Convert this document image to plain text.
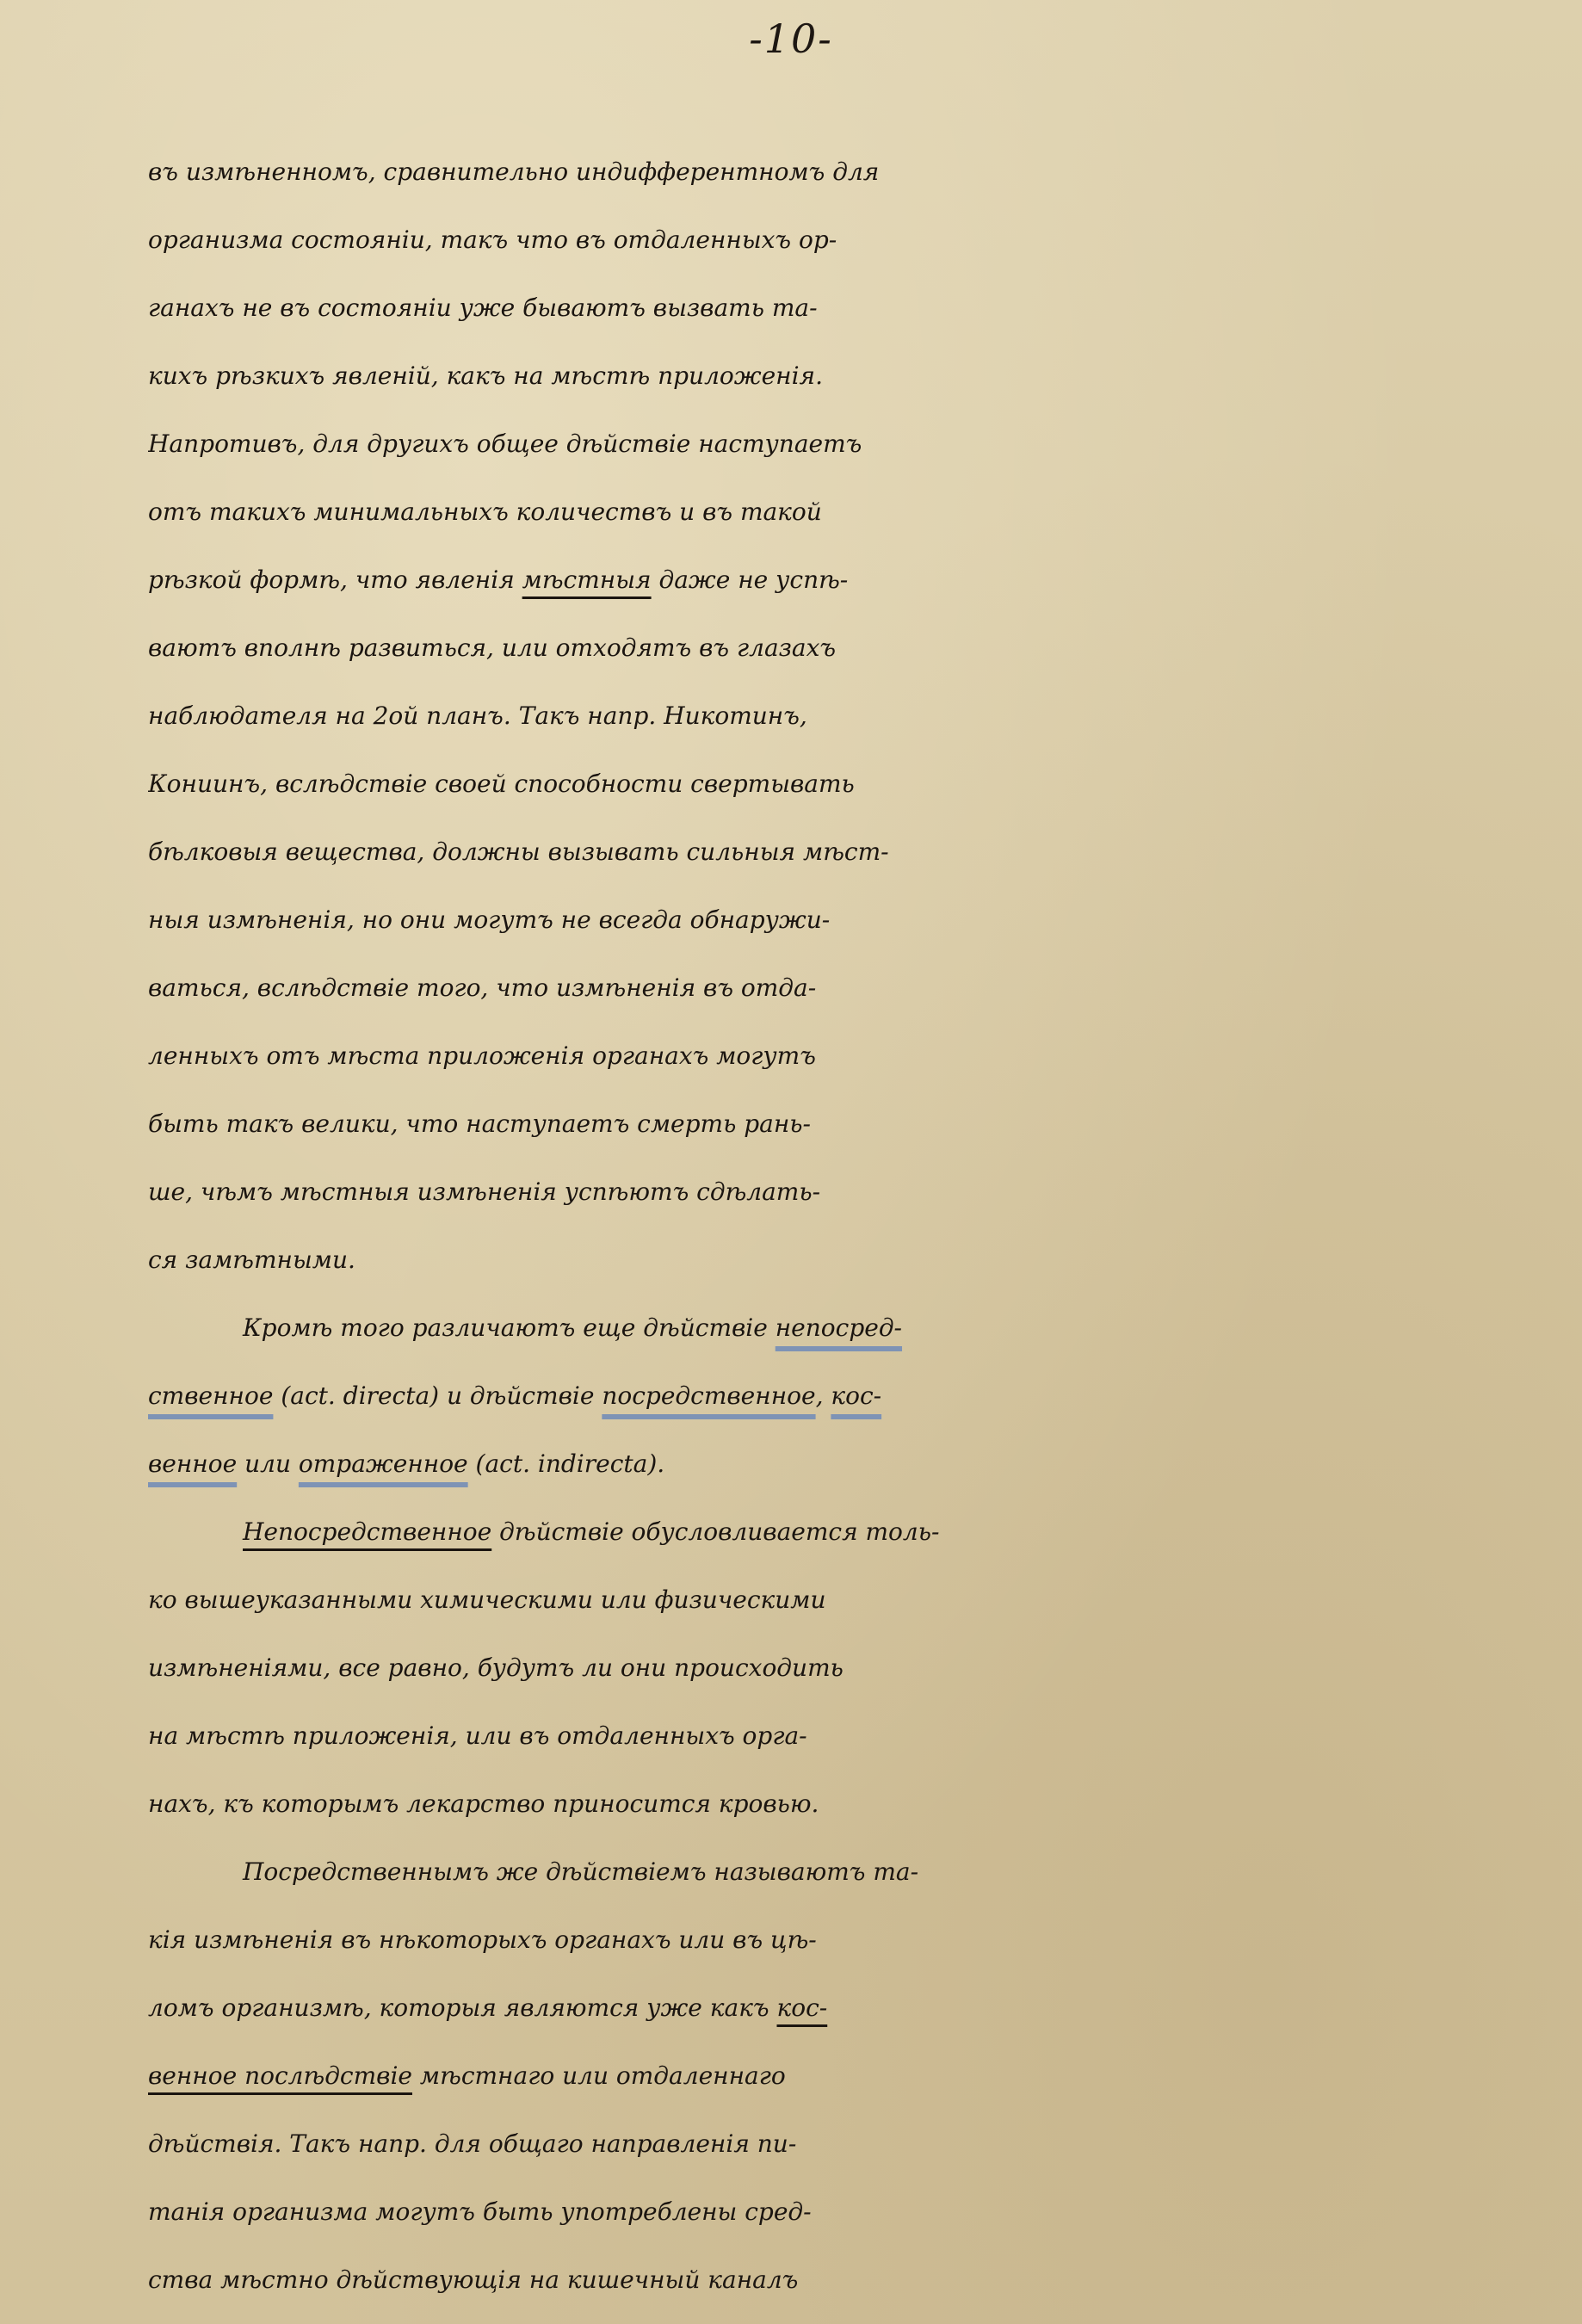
-10-
въ измѣненномъ, сравнительно индифферентномъ для
организма состояніи, такъ что въ отдаленныхъ ор-
ганахъ не въ состояніи уже бываютъ вызвать та-
кихъ рѣзкихъ явленій, какъ на мѣстѣ приложенія.
Напротивъ, для другихъ общее дѣйствіе наступаетъ
отъ такихъ минимальныхъ количествъ и въ такой
рѣзкой формѣ, что явленія мѣстныя даже не успѣ-
ваютъ вполнѣ развиться, или отходятъ въ глазахъ
наблюдателя на 2ой планъ. Такъ напр. Никотинъ,
Кониинъ, вслѣдствіе своей способности свертывать
бѣлковыя вещества, должны вызывать сильныя мѣст-
ныя измѣненія, но они могутъ не всегда обнаружи-
ваться, вслѣдствіе того, что измѣненія въ отда-
ленныхъ отъ мѣста приложенія органахъ могутъ
быть такъ велики, что наступаетъ смерть рань-
ше, чѣмъ мѣстныя измѣненія успѣютъ сдѣлать-
ся замѣтными.
Кромѣ того различаютъ еще дѣйствіе непосред-
ственное (act. directa) и дѣйствіе посредственное, кос-
венное или отраженное (act. indirecta).
Непосредственное дѣйствіе обусловливается толь-
ко вышеуказанными химическими или физическими
измѣненіями, все равно, будутъ ли они происходить
на мѣстѣ приложенія, или въ отдаленныхъ орга-
нахъ, къ которымъ лекарство приносится кровью.
Посредственнымъ же дѣйствіемъ называютъ та-
кія измѣненія въ нѣкоторыхъ органахъ или въ цѣ-
ломъ организмѣ, которыя являются уже какъ кос-
венное послѣдствіе мѣстнаго или отдаленнаго
дѣйствія. Такъ напр. для общаго направленія пи-
танія организма могутъ быть употреблены сред-
ства мѣстно дѣйствующія на кишечный каналъ
